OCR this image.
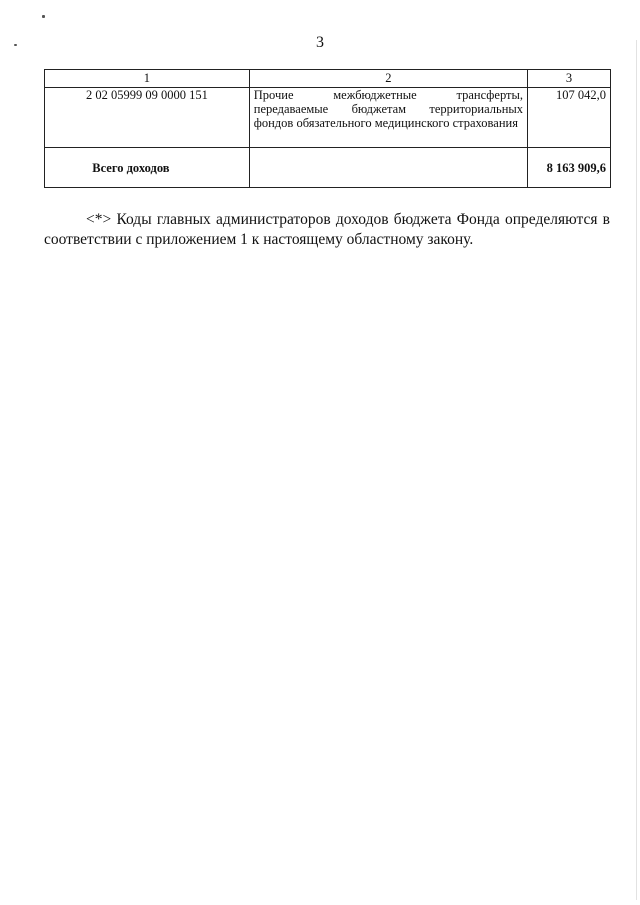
3
1	2	3
2 02 05999 09 0000 151	Прочие межбюджетные трансферты, передаваемые бюджетам территориальных фондов обязательного медицинского страхования	107 042,0
Всего доходов		8 163 909,6
<*> Коды главных администраторов доходов бюджета Фонда определяются в соответствии с приложением 1 к настоящему областному закону.
